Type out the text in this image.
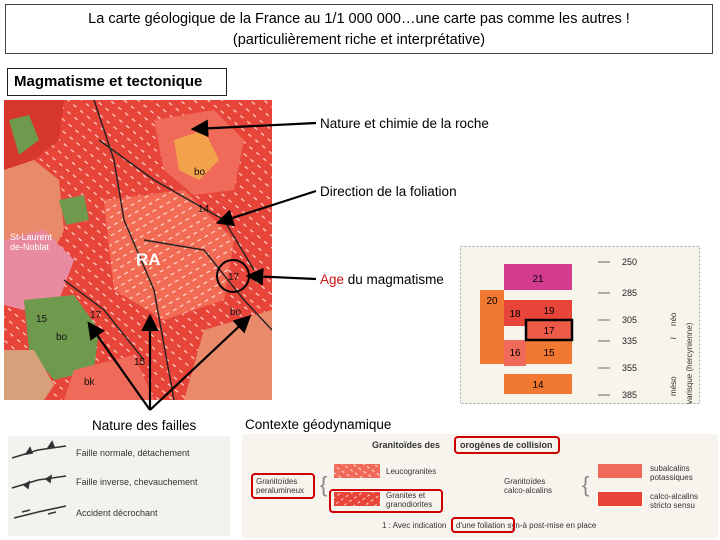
La carte géologique de la France au 1/1 000 000…une carte pas comme les autres !
(particulièrement riche et interprétative)
Magmatisme et tectonique
14
17
bo
15	17
15
bo
bo
bk
RA
St-Laurent
de-Noblat
Nature et chimie de la roche
Direction de la foliation
Age du magmatisme
Nature des failles	Contexte géodynamique
21
20
18 19
17
16 15
14
250
285
305
335
355
385	méso
~
néo
varisque (hercynienne)
Faille normale, détachement
Faille inverse, chevauchement
Accident décrochant
Granitoïdes des orogènes de collision
Granitoïdes
peralumineux {
Leucogranites
Granites et
granodiorites
Granitoïdes
calco-alcalins {
subalcalins
potassiques
calco-alcalins
stricto sensu
1 : Avec indication d'une foliation syn-à post-mise en place
